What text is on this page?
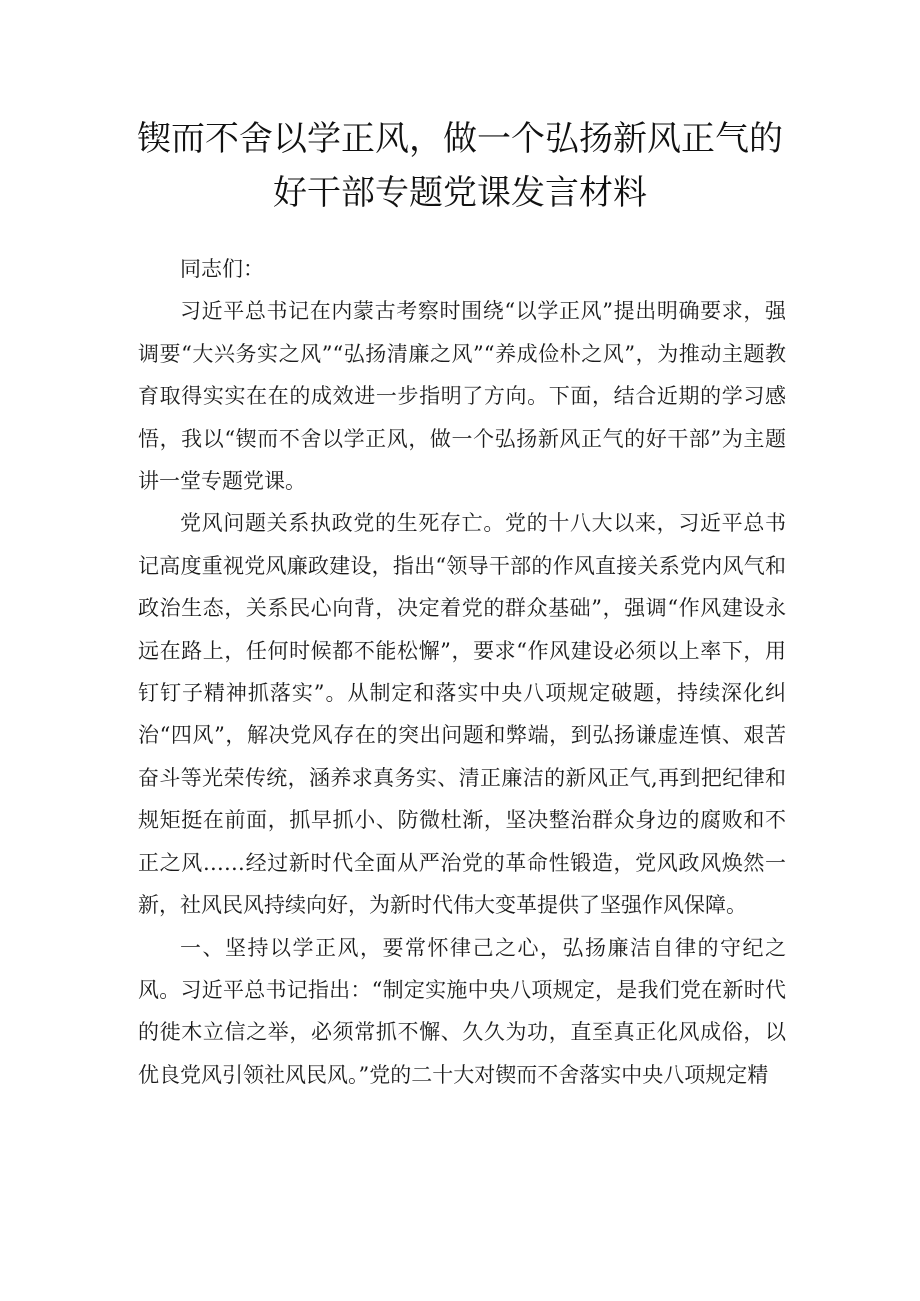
锲而不舍以学正风，做一个弘扬新风正气的
好干部专题党课发言材料

同志们：

习近平总书记在内蒙古考察时围绕“以学正风”提出明确要求，强调要“大兴务实之风”“弘扬清廉之风”“养成俭朴之风”，为推动主题教育取得实实在在的成效进一步指明了方向。下面，结合近期的学习感悟，我以“锲而不舍以学正风，做一个弘扬新风正气的好干部”为主题讲一堂专题党课。

党风问题关系执政党的生死存亡。党的十八大以来，习近平总书记高度重视党风廉政建设，指出“领导干部的作风直接关系党内风气和政治生态，关系民心向背，决定着党的群众基础”，强调“作风建设永远在路上，任何时候都不能松懈”，要求“作风建设必须以上率下，用钉钉子精神抓落实”。从制定和落实中央八项规定破题，持续深化纠治“四风”，解决党风存在的突出问题和弊端，到弘扬谦虚连慎、艰苦奋斗等光荣传统，涵养求真务实、清正廉洁的新风正气,再到把纪律和规矩挺在前面，抓早抓小、防微杜渐，坚决整治群众身边的腐败和不正之风……经过新时代全面从严治党的革命性锻造，党风政风焕然一新，社风民风持续向好，为新时代伟大变革提供了坚强作风保障。

一、坚持以学正风，要常怀律己之心，弘扬廉洁自律的守纪之风。习近平总书记指出：“制定实施中央八项规定，是我们党在新时代的徙木立信之举，必须常抓不懈、久久为功，直至真正化风成俗，以优良党风引领社风民风。”党的二十大对锲而不舍落实中央八项规定精
